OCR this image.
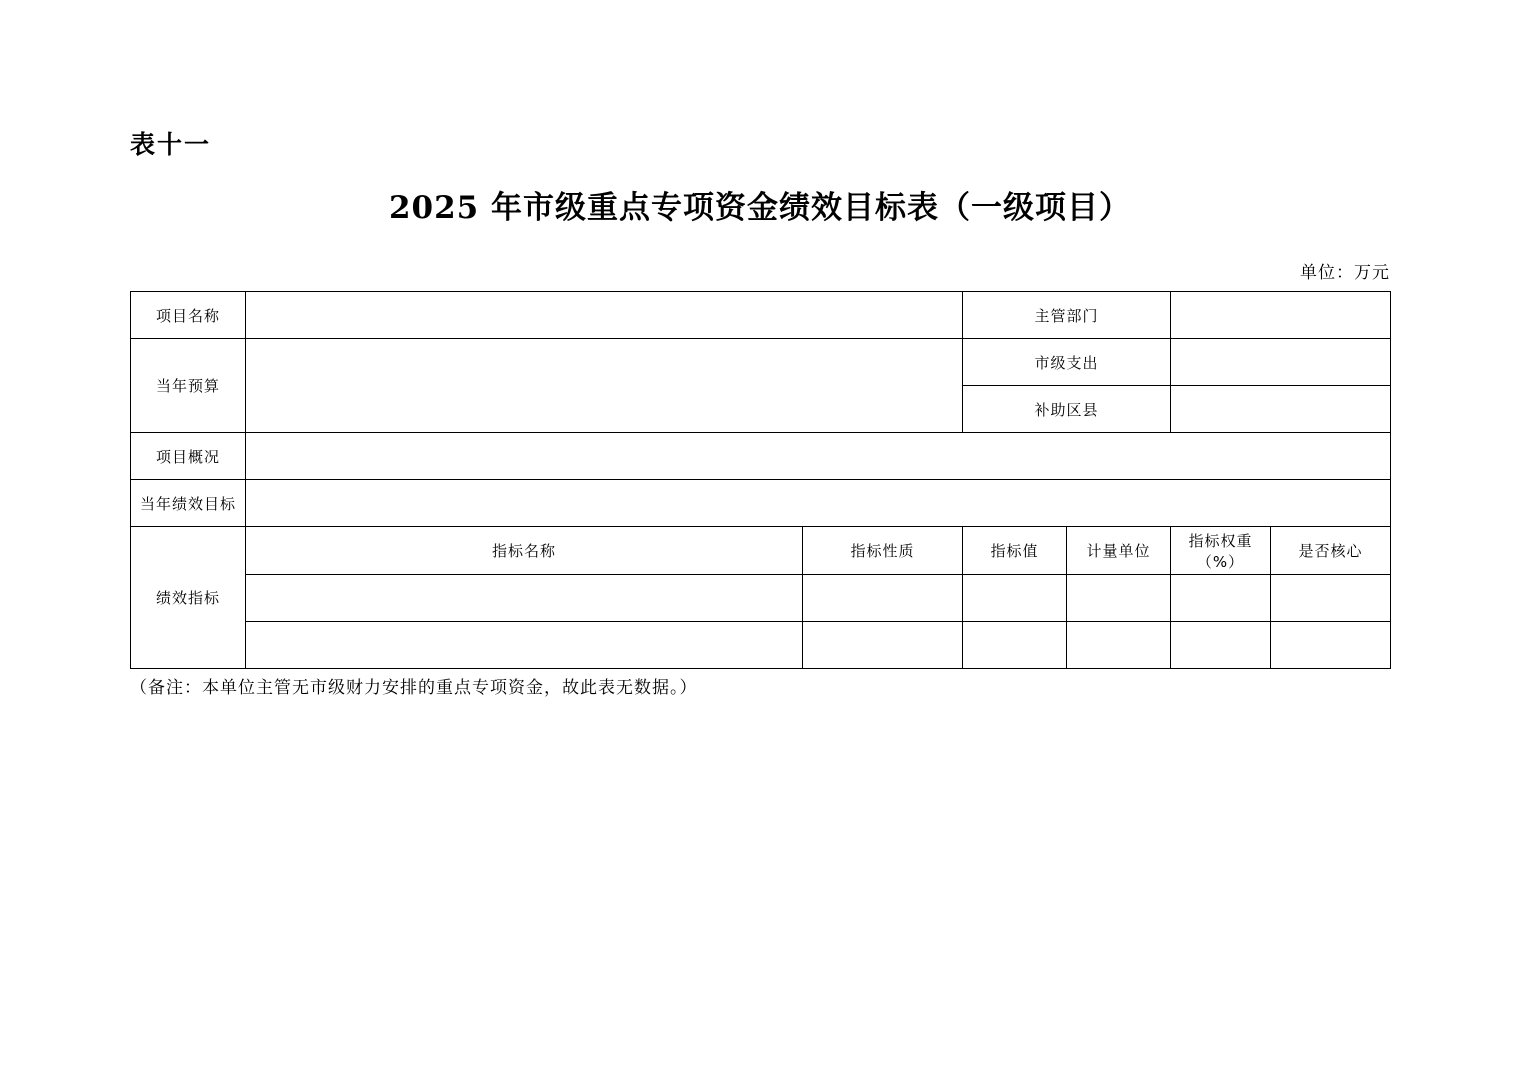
表十一
2025 年市级重点专项资金绩效目标表（一级项目）
单位：万元
项目名称			主管部门			
当年预算			市级支出			
			补助区县			
项目概况						
当年绩效目标						
绩效指标	指标名称	指标性质	指标值	计量单位	指标权重（%）	是否核心

（备注：本单位主管无市级财力安排的重点专项资金，故此表无数据。）
